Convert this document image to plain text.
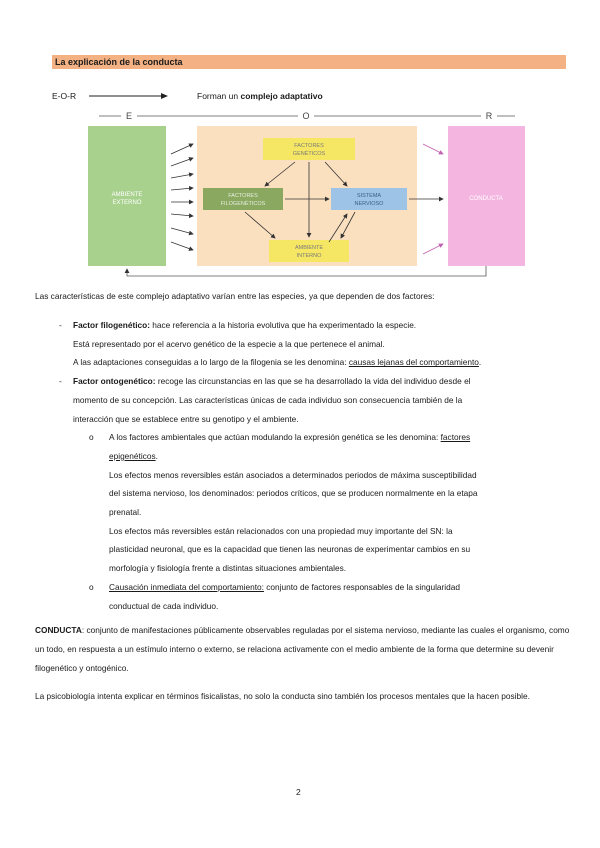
La explicación de la conducta
E-O-R	Forman un complejo adaptativo
E	O	R
AMBIENTE
EXTERNO
CONDUCTA
FACTORES
GENÉTICOS
FACTORES
FILOGENÉTICOS
SISTEMA
NERVIOSO
AMBIENTE
INTERNO
Las características de este complejo adaptativo varían entre las especies, ya que dependen de dos factores:
- Factor filogenético: hace referencia a la historia evolutiva que ha experimentado la especie.
Está representado por el acervo genético de la especie a la que pertenece el animal.
A las adaptaciones conseguidas a lo largo de la filogenia se les denomina: causas lejanas del comportamiento.
- Factor ontogenético: recoge las circunstancias en las que se ha desarrollado la vida del individuo desde el
momento de su concepción. Las características únicas de cada individuo son consecuencia también de la
interacción que se establece entre su genotipo y el ambiente.
o A los factores ambientales que actúan modulando la expresión genética se les denomina: factores
epigenéticos.
Los efectos menos reversibles están asociados a determinados periodos de máxima susceptibilidad
del sistema nervioso, los denominados: periodos críticos, que se producen normalmente en la etapa
prenatal.
Los efectos más reversibles están relacionados con una propiedad muy importante del SN: la
plasticidad neuronal, que es la capacidad que tienen las neuronas de experimentar cambios en su
morfología y fisiología frente a distintas situaciones ambientales.
o Causación inmediata del comportamiento: conjunto de factores responsables de la singularidad
conductual de cada individuo.
CONDUCTA: conjunto de manifestaciones públicamente observables reguladas por el sistema nervioso, mediante las cuales el organismo, como un todo, en respuesta a un estímulo interno o externo, se relaciona activamente con el medio ambiente de la forma que determine su devenir filogenético y ontogénico.
La psicobiología intenta explicar en términos fisicalistas, no solo la conducta sino también los procesos mentales que la hacen posible.
2
